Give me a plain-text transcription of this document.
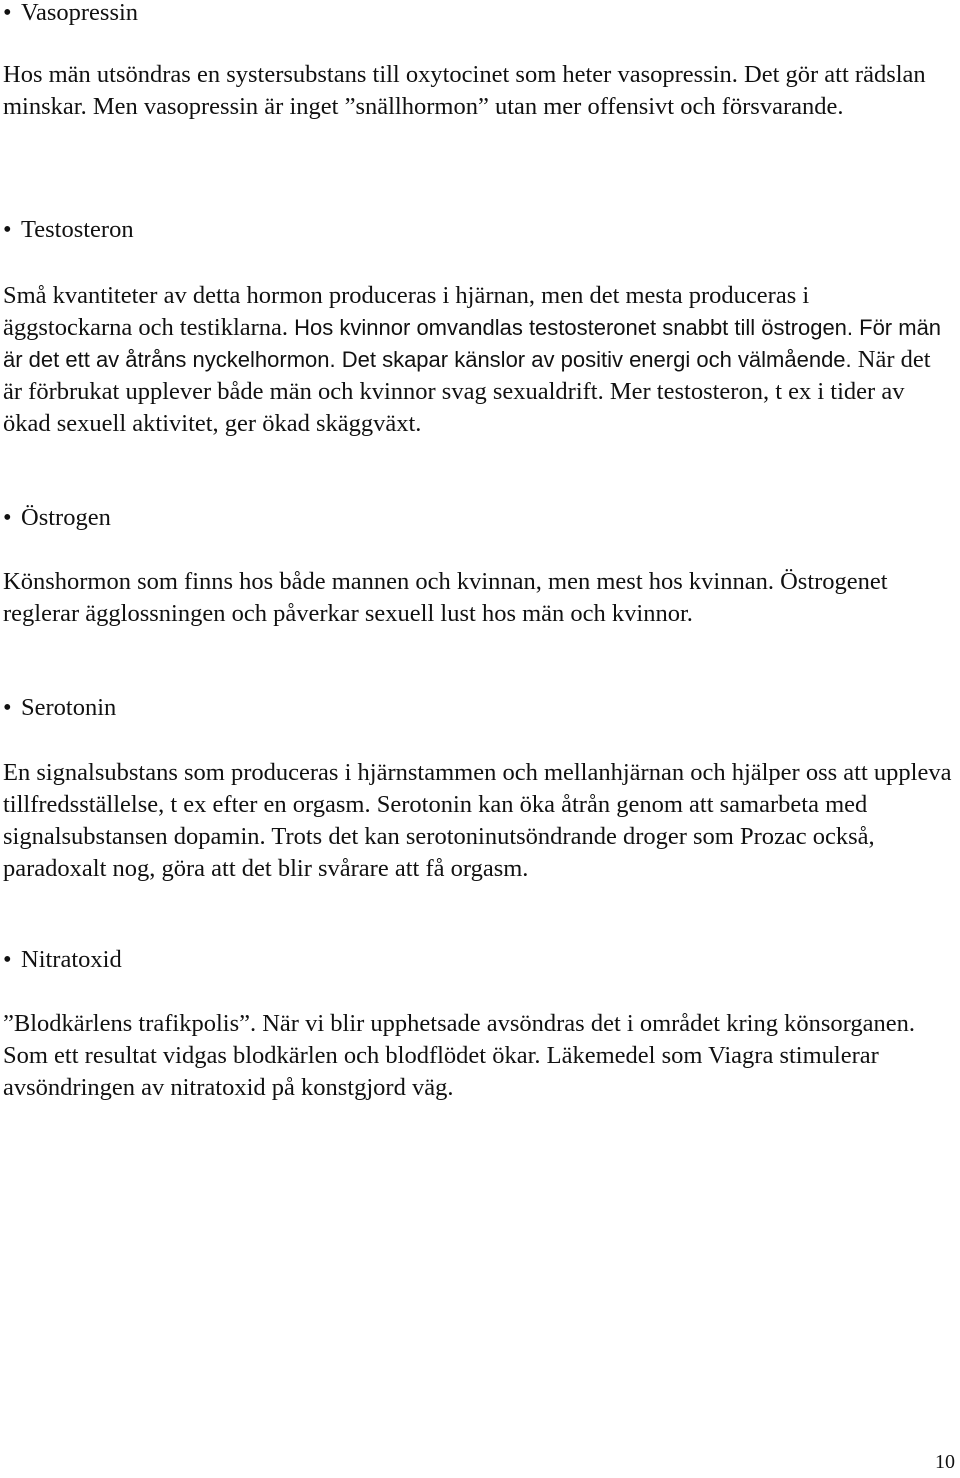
• Vasopressin

Hos män utsöndras en systersubstans till oxytocinet som heter vasopressin. Det gör att rädslan minskar. Men vasopressin är inget ”snällhormon” utan mer offensivt och försvarande.

• Testosteron

Små kvantiteter av detta hormon produceras i hjärnan, men det mesta produceras i äggstockarna och testiklarna. Hos kvinnor omvandlas testosteronet snabbt till östrogen. För män är det ett av åtråns nyckelhormon. Det skapar känslor av positiv energi och välmående. När det är förbrukat upplever både män och kvinnor svag sexualdrift. Mer testosteron, t ex i tider av ökad sexuell aktivitet, ger ökad skäggväxt.

• Östrogen

Könshormon som finns hos både mannen och kvinnan, men mest hos kvinnan. Östrogenet reglerar ägglossningen och påverkar sexuell lust hos män och kvinnor.

• Serotonin

En signalsubstans som produceras i hjärnstammen och mellanhjärnan och hjälper oss att uppleva tillfredsställelse, t ex efter en orgasm. Serotonin kan öka åtrån genom att samarbeta med signalsubstansen dopamin. Trots det kan serotoninutsöndrande droger som Prozac också, paradoxalt nog, göra att det blir svårare att få orgasm.

• Nitratoxid

”Blodkärlens trafikpolis”. När vi blir upphetsade avsöndras det i området kring könsorganen. Som ett resultat vidgas blodkärlen och blodflödet ökar. Läkemedel som Viagra stimulerar avsöndringen av nitratoxid på konstgjord väg.

10
